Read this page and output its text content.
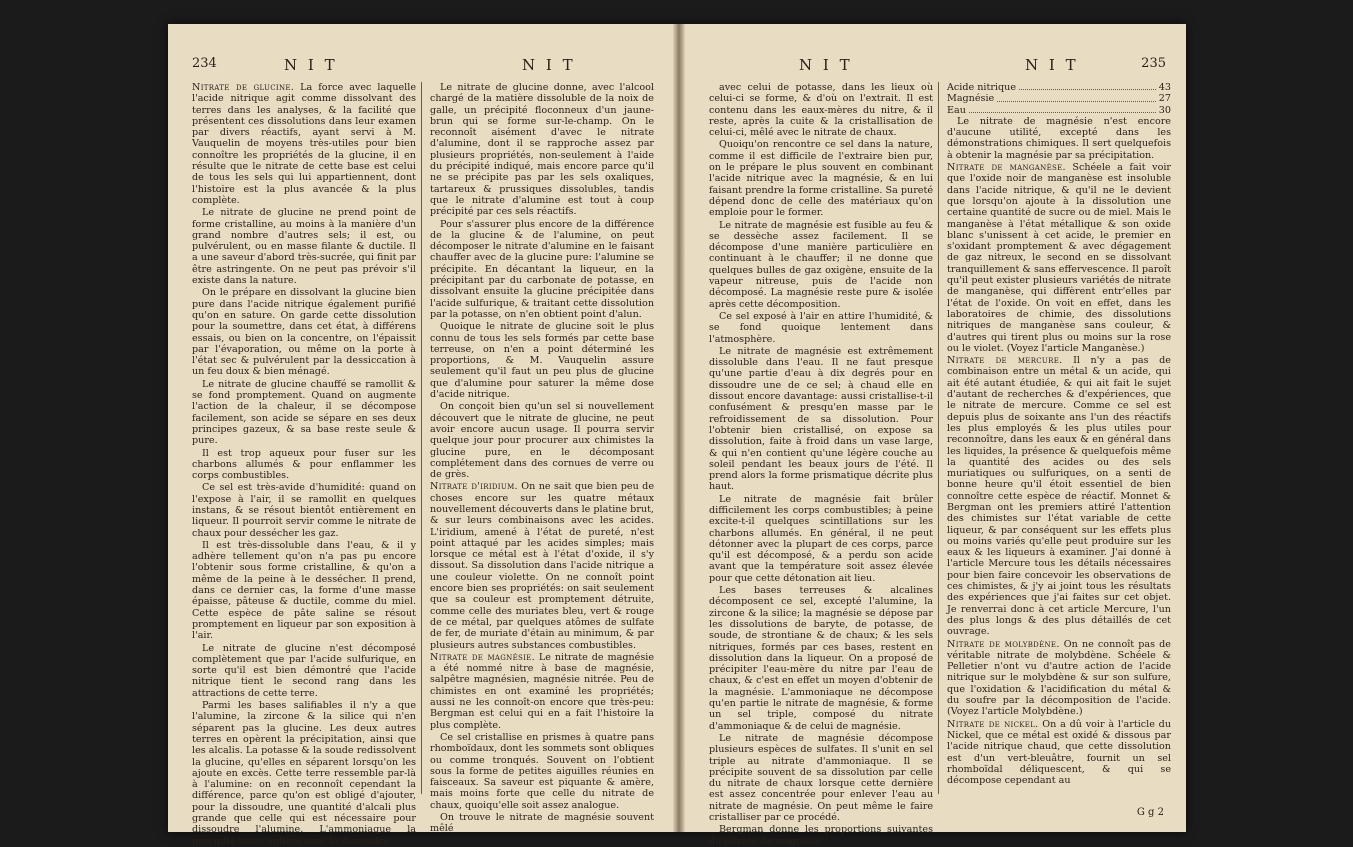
234	N I T	N I T

Nitrate de glucine. La force avec laquelle l'acide nitrique agit comme dissolvant des terres dans les analyses, & la facilité que présentent ces dissolutions dans leur examen par divers réactifs, ayant servi à M. Vauquelin de moyens très-utiles pour bien connoître les propriétés de la glucine, il en résulte que le nitrate de cette base est celui de tous les sels qui lui appartiennent, dont l'histoire est la plus avancée & la plus complète.

Le nitrate de glucine ne prend point de forme cristalline, au moins à la manière d'un grand nombre d'autres sels; il est, ou pulvérulent, ou en masse filante & ductile. Il a une saveur d'abord très-sucrée, qui finit par être astringente. On ne peut pas prévoir s'il existe dans la nature.

On le prépare en dissolvant la glucine bien pure dans l'acide nitrique également purifié qu'on en sature. On garde cette dissolution pour la soumettre, dans cet état, à différens essais, ou bien on la concentre, on l'épaissit par l'évaporation, ou même on la porte à l'état sec & pulvérulent par la dessiccation à un feu doux & bien ménagé.

Le nitrate de glucine chauffé se ramollit & se fond promptement. Quand on augmente l'action de la chaleur, il se décompose facilement, son acide se sépare en ses deux principes gazeux, & sa base reste seule & pure.

Il est trop aqueux pour fuser sur les charbons allumés & pour enflammer les corps combustibles.

Ce sel est très-avide d'humidité: quand on l'expose à l'air, il se ramollit en quelques instans, & se résout bientôt entièrement en liqueur. Il pourroit servir comme le nitrate de chaux pour dessécher les gaz.

Il est très-dissoluble dans l'eau, & il y adhère tellement qu'on n'a pas pu encore l'obtenir sous forme cristalline, & qu'on a même de la peine à le dessécher. Il prend, dans ce dernier cas, la forme d'une masse épaisse, pâteuse & ductile, comme du miel. Cette espèce de pâte saline se résout promptement en liqueur par son exposition à l'air.

Le nitrate de glucine n'est décomposé complètement que par l'acide sulfurique, en sorte qu'il est bien démontré que l'acide nitrique tient le second rang dans les attractions de cette terre.

Parmi les bases salifiables il n'y a que l'alumine, la zircone & la silice qui n'en séparent pas la glucine. Les deux autres terres en opèrent la précipitation, ainsi que les alcalis. La potasse & la soude redissolvent la glucine, qu'elles en séparent lorsqu'on les ajoute en excès. Cette terre ressemble par-là à l'alumine: on en reconnoît cependant la différence, parce qu'on est obligé d'ajouter, pour la dissoudre, une quantité d'alcali plus grande que celle qui est nécessaire pour dissoudre l'alumine. L'ammoniaque la précipite toute entière sans la dissoudre.

Le nitrate de glucine donne, avec l'alcool chargé de la matière dissoluble de la noix de galle, un précipité floconneux d'un jaune-brun qui se forme sur-le-champ. On le reconnoît aisément d'avec le nitrate d'alumine, dont il se rapproche assez par plusieurs propriétés, non-seulement à l'aide du précipité indiqué, mais encore parce qu'il ne se précipite pas par les sels oxaliques, tartareux & prussiques dissolubles, tandis que le nitrate d'alumine est tout à coup précipité par ces sels réactifs.

Pour s'assurer plus encore de la différence de la glucine & de l'alumine, on peut décomposer le nitrate d'alumine en le faisant chauffer avec de la glucine pure: l'alumine se précipite. En décantant la liqueur, en la précipitant par du carbonate de potasse, en dissolvant ensuite la glucine précipitée dans l'acide sulfurique, & traitant cette dissolution par la potasse, on n'en obtient point d'alun.

Quoique le nitrate de glucine soit le plus connu de tous les sels formés par cette base terreuse, on n'en a point déterminé les proportions, & M. Vauquelin assure seulement qu'il faut un peu plus de glucine que d'alumine pour saturer la même dose d'acide nitrique.

On conçoit bien qu'un sel si nouvellement découvert que le nitrate de glucine, ne peut avoir encore aucun usage. Il pourra servir quelque jour pour procurer aux chimistes la glucine pure, en le décomposant complétement dans des cornues de verre ou de grès.

Nitrate d'iridium. On ne sait que bien peu de choses encore sur les quatre métaux nouvellement découverts dans le platine brut, & sur leurs combinaisons avec les acides. L'iridium, amené à l'état de pureté, n'est point attaqué par les acides simples; mais lorsque ce métal est à l'état d'oxide, il s'y dissout. Sa dissolution dans l'acide nitrique a une couleur violette. On ne connoît point encore bien ses propriétés: on sait seulement que sa couleur est promptement détruite, comme celle des muriates bleu, vert & rouge de ce métal, par quelques atômes de sulfate de fer, de muriate d'étain au minimum, & par plusieurs autres substances combustibles.

Nitrate de magnésie. Le nitrate de magnésie a été nommé nitre à base de magnésie, salpêtre magnésien, magnésie nitrée. Peu de chimistes en ont examiné les propriétés; aussi ne les connoît-on encore que très-peu: Bergman est celui qui en a fait l'histoire la plus complète.

Ce sel cristallise en prismes à quatre pans rhomboïdaux, dont les sommets sont obliques ou comme tronqués. Souvent on l'obtient sous la forme de petites aiguilles réunies en faisceaux. Sa saveur est piquante & amère, mais moins forte que celle du nitrate de chaux, quoiqu'elle soit assez analogue.

On trouve le nitrate de magnésie souvent mêlé

N I T	N I T	235

avec celui de potasse, dans les lieux où celui-ci se forme, & d'où on l'extrait. Il est contenu dans les eaux-mères du nitre, & il reste, après la cuite & la cristallisation de celui-ci, mêlé avec le nitrate de chaux.

Quoiqu'on rencontre ce sel dans la nature, comme il est difficile de l'extraire bien pur, on le prépare le plus souvent en combinant l'acide nitrique avec la magnésie, & en lui faisant prendre la forme cristalline. Sa pureté dépend donc de celle des matériaux qu'on emploie pour le former.

Le nitrate de magnésie est fusible au feu & se dessèche assez facilement. Il se décompose d'une manière particulière en continuant à le chauffer; il ne donne que quelques bulles de gaz oxigène, ensuite de la vapeur nitreuse, puis de l'acide non décomposé. La magnésie reste pure & isolée après cette décomposition.

Ce sel exposé à l'air en attire l'humidité, & se fond quoique lentement dans l'atmosphère.

Le nitrate de magnésie est extrêmement dissoluble dans l'eau. Il ne faut presque qu'une partie d'eau à dix degrés pour en dissoudre une de ce sel; à chaud elle en dissout encore davantage: aussi cristallise-t-il confusément & presqu'en masse par le refroidissement de sa dissolution. Pour l'obtenir bien cristallisé, on expose sa dissolution, faite à froid dans un vase large, & qui n'en contient qu'une légère couche au soleil pendant les beaux jours de l'été. Il prend alors la forme prismatique décrite plus haut.

Le nitrate de magnésie fait brûler difficilement les corps combustibles; à peine excite-t-il quelques scintillations sur les charbons allumés. En général, il ne peut détonner avec la plupart de ces corps, parce qu'il est décomposé, & a perdu son acide avant que la température soit assez élevée pour que cette détonation ait lieu.

Les bases terreuses & alcalines décomposent ce sel, excepté l'alumine, la zircone & la silice; la magnésie se dépose par les dissolutions de baryte, de potasse, de soude, de strontiane & de chaux; & les sels nitriques, formés par ces bases, restent en dissolution dans la liqueur. On a proposé de précipiter l'eau-mère du nitre par l'eau de chaux, & c'est en effet un moyen d'obtenir de la magnésie. L'ammoniaque ne décompose qu'en partie le nitrate de magnésie, & forme un sel triple, composé du nitrate d'ammoniaque & de celui de magnésie.

Le nitrate de magnésie décompose plusieurs espèces de sulfates. Il s'unit en sel triple au nitrate d'ammoniaque. Il se précipite souvent de sa dissolution par celle du nitrate de chaux lorsque cette dernière est assez concentrée pour enlever l'eau au nitrate de magnésie. On peut même le faire cristalliser par ce procédé.

Bergman donne les proportions suivantes du nitrate de magnésie.

Acide nitrique	43
Magnésie	27
Eau	30

Le nitrate de magnésie n'est encore d'aucune utilité, excepté dans les démonstrations chimiques. Il sert quelquefois à obtenir la magnésie par sa précipitation.

Nitrate de manganèse. Schéele a fait voir que l'oxide noir de manganèse est insoluble dans l'acide nitrique, & qu'il ne le devient que lorsqu'on ajoute à la dissolution une certaine quantité de sucre ou de miel. Mais le manganèse à l'état métallique & son oxide blanc s'unissent à cet acide, le premier en s'oxidant promptement & avec dégagement de gaz nitreux, le second en se dissolvant tranquillement & sans effervescence. Il paroît qu'il peut exister plusieurs variétés de nitrate de manganèse, qui diffèrent entr'elles par l'état de l'oxide. On voit en effet, dans les laboratoires de chimie, des dissolutions nitriques de manganèse sans couleur, & d'autres qui tirent plus ou moins sur la rose ou le violet. (Voyez l'article Manganèse.)

Nitrate de mercure. Il n'y a pas de combinaison entre un métal & un acide, qui ait été autant étudiée, & qui ait fait le sujet d'autant de recherches & d'expériences, que le nitrate de mercure. Comme ce sel est depuis plus de soixante ans l'un des réactifs les plus employés & les plus utiles pour reconnoître, dans les eaux & en général dans les liquides, la présence & quelquefois même la quantité des acides ou des sels muriatiques ou sulfuriques, on a senti de bonne heure qu'il étoit essentiel de bien connoître cette espèce de réactif. Monnet & Bergman ont les premiers attiré l'attention des chimistes sur l'état variable de cette liqueur, & par conséquent sur les effets plus ou moins variés qu'elle peut produire sur les eaux & les liqueurs à examiner. J'ai donné à l'article Mercure tous les détails nécessaires pour bien faire concevoir les observations de ces chimistes, & j'y ai joint tous les résultats des expériences que j'ai faites sur cet objet. Je renverrai donc à cet article Mercure, l'un des plus longs & des plus détaillés de cet ouvrage.

Nitrate de molybdène. On ne connoît pas de véritable nitrate de molybdène. Schéele & Pelletier n'ont vu d'autre action de l'acide nitrique sur le molybdène & sur son sulfure, que l'oxidation & l'acidification du métal & du soufre par la décomposition de l'acide. (Voyez l'article Molybdène.)

Nitrate de nickel. On a dû voir à l'article du Nickel, que ce métal est oxidé & dissous par l'acide nitrique chaud, que cette dissolution est d'un vert-bleuâtre, fournit un sel rhomboïdal déliquescent, & qui se décompose cependant au

G g 2
